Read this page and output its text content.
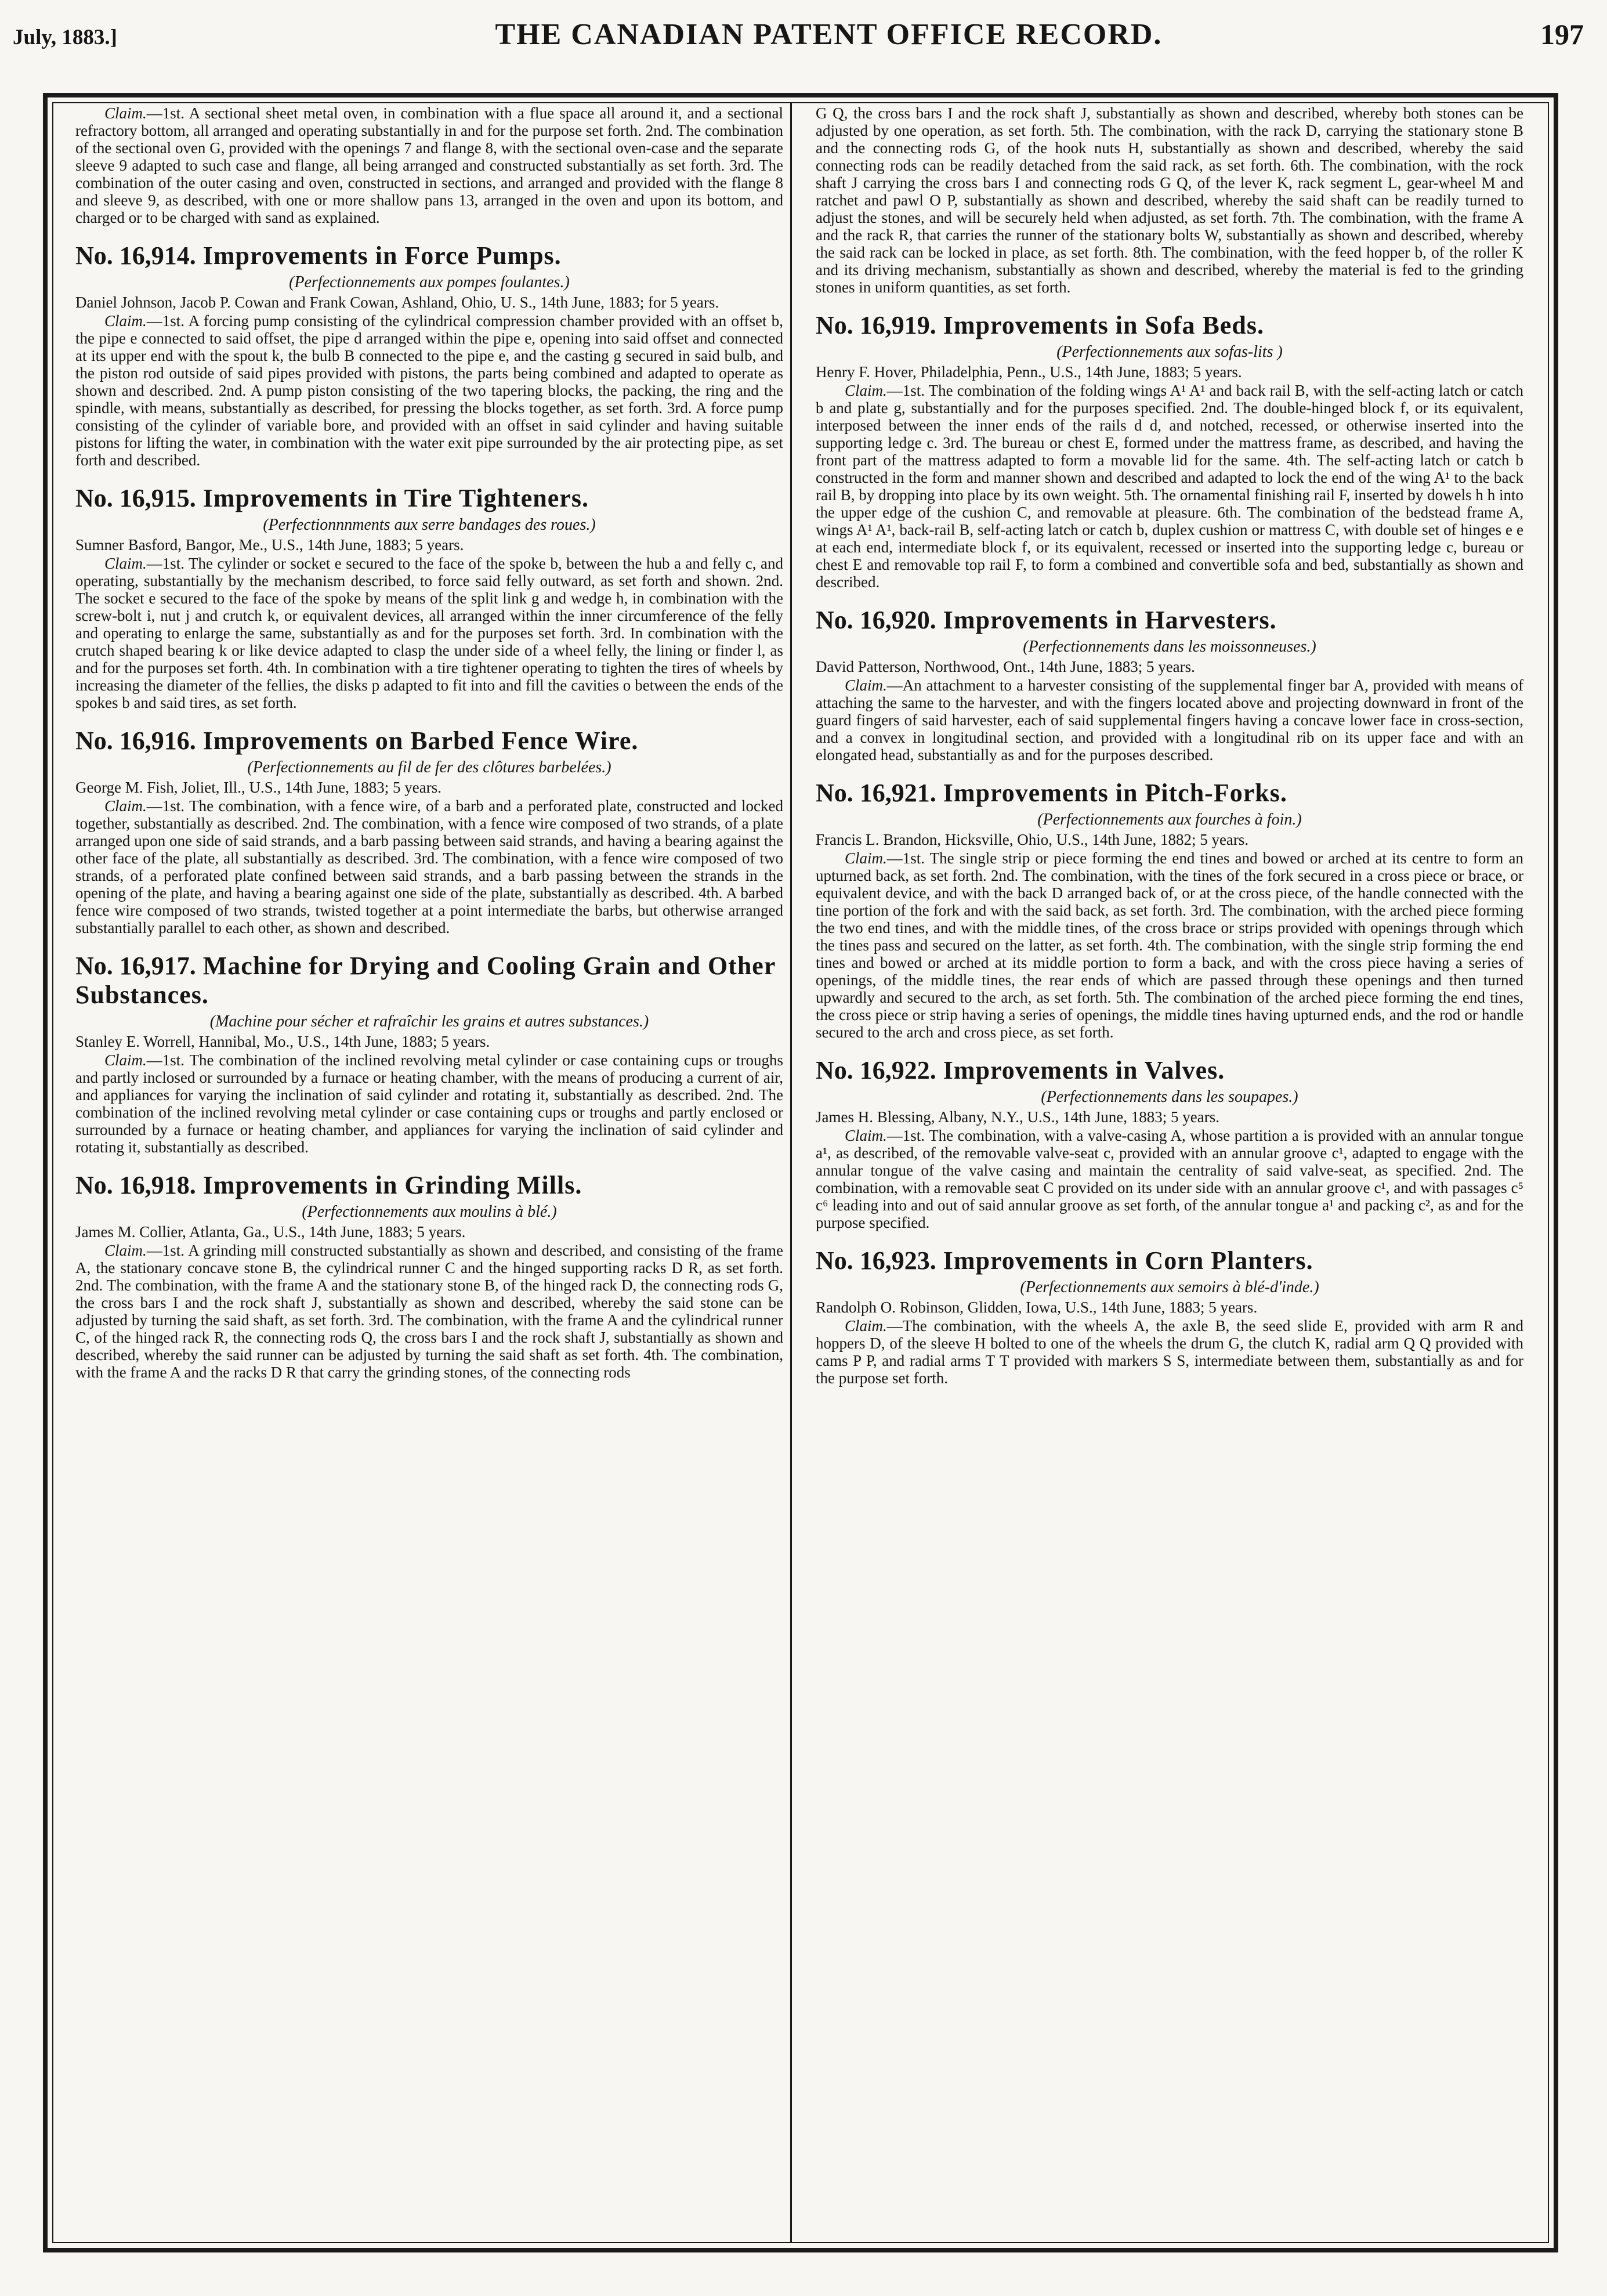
July, 1883.]	THE CANADIAN PATENT OFFICE RECORD.	197

Claim.—1st. A sectional sheet metal oven, in combination with a flue space all around it, and a sectional refractory bottom, all arranged and operating substantially in and for the purpose set forth. 2nd. The combination of the sectional oven G, provided with the openings 7 and flange 8, with the sectional oven-case and the separate sleeve 9 adapted to such case and flange, all being arranged and constructed substantially as set forth. 3rd. The combination of the outer casing and oven, constructed in sections, and arranged and provided with the flange 8 and sleeve 9, as described, with one or more shallow pans 13, arranged in the oven and upon its bottom, and charged or to be charged with sand as explained.

No. 16,914. Improvements in Force Pumps.
(Perfectionnements aux pompes foulantes.)

Daniel Johnson, Jacob P. Cowan and Frank Cowan, Ashland, Ohio, U. S., 14th June, 1883; for 5 years.

Claim.—1st. A forcing pump consisting of the cylindrical compression chamber provided with an offset b, the pipe e connected to said offset, the pipe d arranged within the pipe e, opening into said offset and connected at its upper end with the spout k, the bulb B connected to the pipe e, and the casting g secured in said bulb, and the piston rod outside of said pipes provided with pistons, the parts being combined and adapted to operate as shown and described. 2nd. A pump piston consisting of the two tapering blocks, the packing, the ring and the spindle, with means, substantially as described, for pressing the blocks together, as set forth. 3rd. A force pump consisting of the cylinder of variable bore, and provided with an offset in said cylinder and having suitable pistons for lifting the water, in combination with the water exit pipe surrounded by the air protecting pipe, as set forth and described.

No. 16,915. Improvements in Tire Tighteners.
(Perfectionnnments aux serre bandages des roues.)

Sumner Basford, Bangor, Me., U.S., 14th June, 1883; 5 years.

Claim.—1st. The cylinder or socket e secured to the face of the spoke b, between the hub a and felly c, and operating, substantially by the mechanism described, to force said felly outward, as set forth and shown. 2nd. The socket e secured to the face of the spoke by means of the split link g and wedge h, in combination with the screw-bolt i, nut j and crutch k, or equivalent devices, all arranged within the inner circumference of the felly and operating to enlarge the same, substantially as and for the purposes set forth. 3rd. In combination with the crutch shaped bearing k or like device adapted to clasp the under side of a wheel felly, the lining or finder l, as and for the purposes set forth. 4th. In combination with a tire tightener operating to tighten the tires of wheels by increasing the diameter of the fellies, the disks p adapted to fit into and fill the cavities o between the ends of the spokes b and said tires, as set forth.

No. 16,916. Improvements on Barbed Fence Wire.
(Perfectionnements au fil de fer des clôtures barbelées.)

George M. Fish, Joliet, Ill., U.S., 14th June, 1883; 5 years.

Claim.—1st. The combination, with a fence wire, of a barb and a perforated plate, constructed and locked together, substantially as described. 2nd. The combination, with a fence wire composed of two strands, of a plate arranged upon one side of said strands, and a barb passing between said strands, and having a bearing against the other face of the plate, all substantially as described. 3rd. The combination, with a fence wire composed of two strands, of a perforated plate confined between said strands, and a barb passing between the strands in the opening of the plate, and having a bearing against one side of the plate, substantially as described. 4th. A barbed fence wire composed of two strands, twisted together at a point intermediate the barbs, but otherwise arranged substantially parallel to each other, as shown and described.

No. 16,917. Machine for Drying and Cooling Grain and Other Substances.
(Machine pour sécher et rafraîchir les grains et autres substances.)

Stanley E. Worrell, Hannibal, Mo., U.S., 14th June, 1883; 5 years.

Claim.—1st. The combination of the inclined revolving metal cylinder or case containing cups or troughs and partly inclosed or surrounded by a furnace or heating chamber, with the means of producing a current of air, and appliances for varying the inclination of said cylinder and rotating it, substantially as described. 2nd. The combination of the inclined revolving metal cylinder or case containing cups or troughs and partly enclosed or surrounded by a furnace or heating chamber, and appliances for varying the inclination of said cylinder and rotating it, substantially as described.

No. 16,918. Improvements in Grinding Mills.
(Perfectionnements aux moulins à blé.)

James M. Collier, Atlanta, Ga., U.S., 14th June, 1883; 5 years.

Claim.—1st. A grinding mill constructed substantially as shown and described, and consisting of the frame A, the stationary concave stone B, the cylindrical runner C and the hinged supporting racks D R, as set forth. 2nd. The combination, with the frame A and the stationary stone B, of the hinged rack D, the connecting rods G, the cross bars I and the rock shaft J, substantially as shown and described, whereby the said stone can be adjusted by turning the said shaft, as set forth. 3rd. The combination, with the frame A and the cylindrical runner C, of the hinged rack R, the connecting rods Q, the cross bars I and the rock shaft J, substantially as shown and described, whereby the said runner can be adjusted by turning the said shaft as set forth. 4th. The combination, with the frame A and the racks D R that carry the grinding stones, of the connecting rods

G Q, the cross bars I and the rock shaft J, substantially as shown and described, whereby both stones can be adjusted by one operation, as set forth. 5th. The combination, with the rack D, carrying the stationary stone B and the connecting rods G, of the hook nuts H, substantially as shown and described, whereby the said connecting rods can be readily detached from the said rack, as set forth. 6th. The combination, with the rock shaft J carrying the cross bars I and connecting rods G Q, of the lever K, rack segment L, gear-wheel M and ratchet and pawl O P, substantially as shown and described, whereby the said shaft can be readily turned to adjust the stones, and will be securely held when adjusted, as set forth. 7th. The combination, with the frame A and the rack R, that carries the runner of the stationary bolts W, substantially as shown and described, whereby the said rack can be locked in place, as set forth. 8th. The combination, with the feed hopper b, of the roller K and its driving mechanism, substantially as shown and described, whereby the material is fed to the grinding stones in uniform quantities, as set forth.

No. 16,919. Improvements in Sofa Beds.
(Perfectionnements aux sofas-lits )

Henry F. Hover, Philadelphia, Penn., U.S., 14th June, 1883; 5 years.

Claim.—1st. The combination of the folding wings A¹ A¹ and back rail B, with the self-acting latch or catch b and plate g, substantially and for the purposes specified. 2nd. The double-hinged block f, or its equivalent, interposed between the inner ends of the rails d d, and notched, recessed, or otherwise inserted into the supporting ledge c. 3rd. The bureau or chest E, formed under the mattress frame, as described, and having the front part of the mattress adapted to form a movable lid for the same. 4th. The self-acting latch or catch b constructed in the form and manner shown and described and adapted to lock the end of the wing A¹ to the back rail B, by dropping into place by its own weight. 5th. The ornamental finishing rail F, inserted by dowels h h into the upper edge of the cushion C, and removable at pleasure. 6th. The combination of the bedstead frame A, wings A¹ A¹, back-rail B, self-acting latch or catch b, duplex cushion or mattress C, with double set of hinges e e at each end, intermediate block f, or its equivalent, recessed or inserted into the supporting ledge c, bureau or chest E and removable top rail F, to form a combined and convertible sofa and bed, substantially as shown and described.

No. 16,920. Improvements in Harvesters.
(Perfectionnements dans les moissonneuses.)

David Patterson, Northwood, Ont., 14th June, 1883; 5 years.

Claim.—An attachment to a harvester consisting of the supplemental finger bar A, provided with means of attaching the same to the harvester, and with the fingers located above and projecting downward in front of the guard fingers of said harvester, each of said supplemental fingers having a concave lower face in cross-section, and a convex in longitudinal section, and provided with a longitudinal rib on its upper face and with an elongated head, substantially as and for the purposes described.

No. 16,921. Improvements in Pitch-Forks.
(Perfectionnements aux fourches à foin.)

Francis L. Brandon, Hicksville, Ohio, U.S., 14th June, 1882; 5 years.

Claim.—1st. The single strip or piece forming the end tines and bowed or arched at its centre to form an upturned back, as set forth. 2nd. The combination, with the tines of the fork secured in a cross piece or brace, or equivalent device, and with the back D arranged back of, or at the cross piece, of the handle connected with the tine portion of the fork and with the said back, as set forth. 3rd. The combination, with the arched piece forming the two end tines, and with the middle tines, of the cross brace or strips provided with openings through which the tines pass and secured on the latter, as set forth. 4th. The combination, with the single strip forming the end tines and bowed or arched at its middle portion to form a back, and with the cross piece having a series of openings, of the middle tines, the rear ends of which are passed through these openings and then turned upwardly and secured to the arch, as set forth. 5th. The combination of the arched piece forming the end tines, the cross piece or strip having a series of openings, the middle tines having upturned ends, and the rod or handle secured to the arch and cross piece, as set forth.

No. 16,922. Improvements in Valves.
(Perfectionnements dans les soupapes.)

James H. Blessing, Albany, N.Y., U.S., 14th June, 1883; 5 years.

Claim.—1st. The combination, with a valve-casing A, whose partition a is provided with an annular tongue a¹, as described, of the removable valve-seat c, provided with an annular groove c¹, adapted to engage with the annular tongue of the valve casing and maintain the centrality of said valve-seat, as specified. 2nd. The combination, with a removable seat C provided on its under side with an annular groove c¹, and with passages c⁵ c⁶ leading into and out of said annular groove as set forth, of the annular tongue a¹ and packing c², as and for the purpose specified.

No. 16,923. Improvements in Corn Planters.
(Perfectionnements aux semoirs à blé-d'inde.)

Randolph O. Robinson, Glidden, Iowa, U.S., 14th June, 1883; 5 years.

Claim.—The combination, with the wheels A, the axle B, the seed slide E, provided with arm R and hoppers D, of the sleeve H bolted to one of the wheels the drum G, the clutch K, radial arm Q Q provided with cams P P, and radial arms T T provided with markers S S, intermediate between them, substantially as and for the purpose set forth.
